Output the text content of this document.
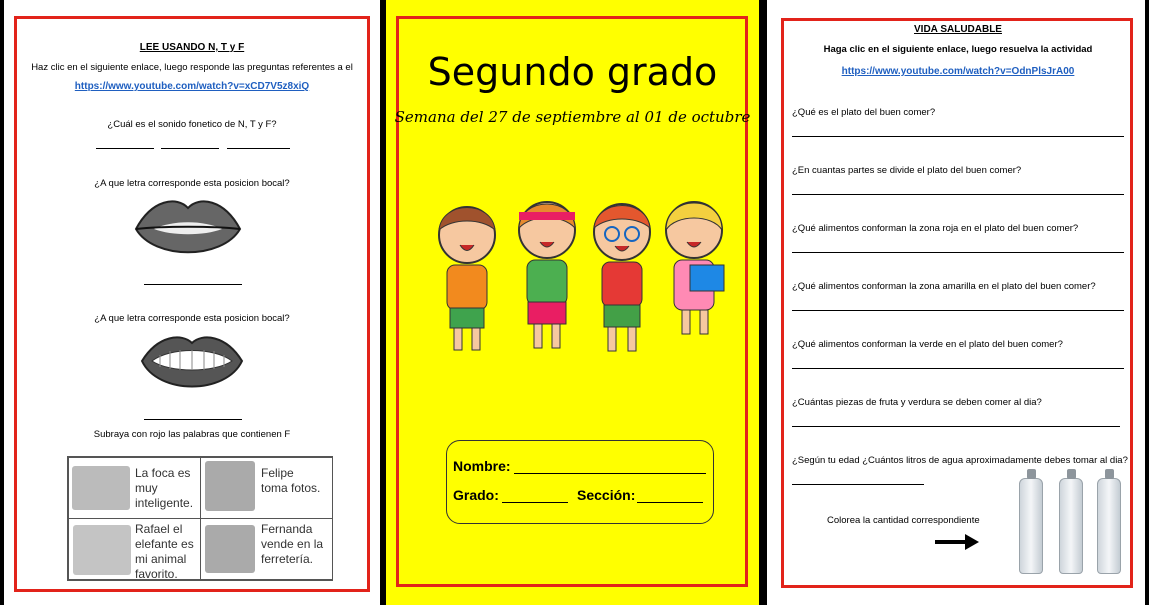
LEE USANDO N, T y F
Haz clic en el siguiente enlace, luego responde las preguntas referentes a el
https://www.youtube.com/watch?v=xCD7V5z8xiQ
¿Cuál es el sonido fonetico de N, T y F?
¿A que letra corresponde esta posicion bocal?
¿A que letra corresponde esta posicion bocal?
Subraya con rojo las palabras que contienen F
La foca es
muy
inteligente.
Felipe
toma fotos.
Rafael el
elefante es
mi animal
favorito.
Fernanda
vende en la
ferretería.
Segundo grado
Semana del 27 de septiembre al 01 de octubre
Nombre:
Grado:	Sección:
VIDA SALUDABLE
Haga clic en el siguiente enlace, luego resuelva la actividad
https://www.youtube.com/watch?v=OdnPlsJrA00
¿Qué es el plato del buen comer?
¿En cuantas partes se divide el plato del buen comer?
¿Qué alimentos conforman la zona roja en el plato del buen comer?
¿Qué alimentos conforman la zona amarilla en el plato del buen comer?
¿Qué alimentos conforman la verde en el plato del buen comer?
¿Cuántas piezas de fruta y verdura se deben comer al dia?
¿Según tu edad ¿Cuántos litros de agua aproximadamente debes tomar al dia?
Colorea la cantidad correspondiente
